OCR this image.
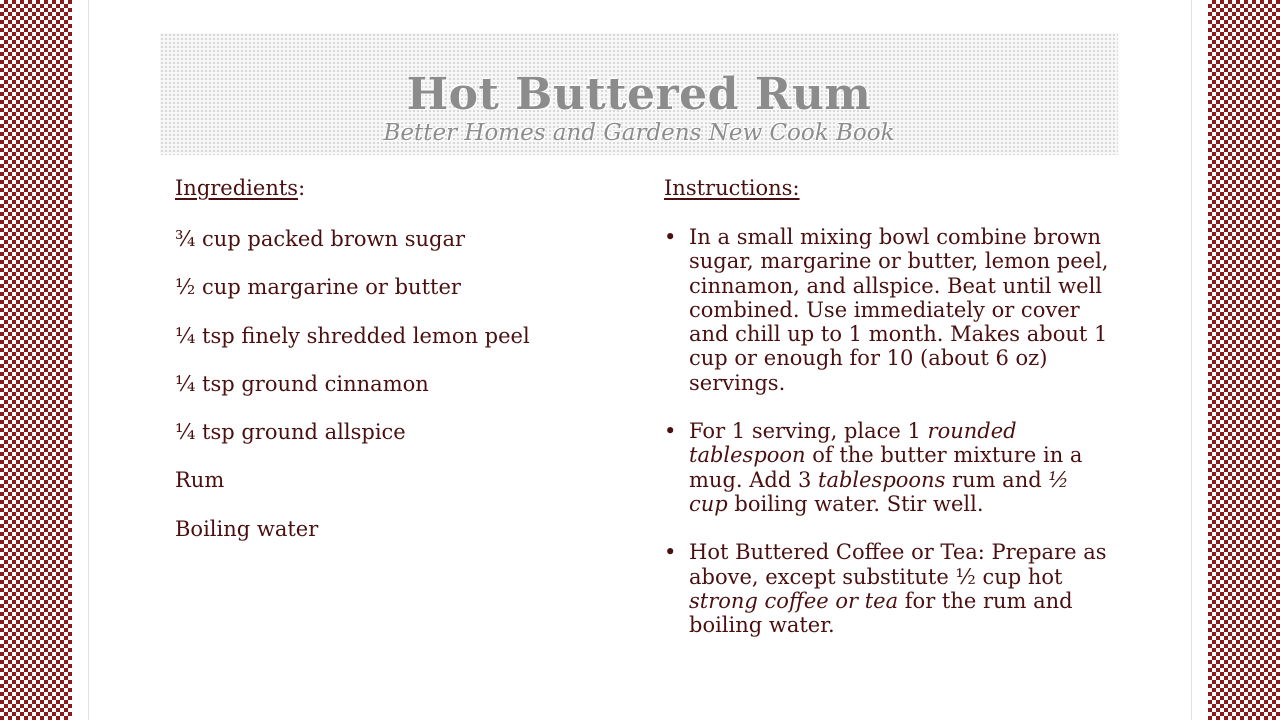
Hot Buttered Rum
Better Homes and Gardens New Cook Book
Ingredients:
¾ cup packed brown sugar
½ cup margarine or butter
¼ tsp finely shredded lemon peel
¼ tsp ground cinnamon
¼ tsp ground allspice
Rum
Boiling water
Instructions:
• In a small mixing bowl combine brown sugar, margarine or butter, lemon peel, cinnamon, and allspice. Beat until well combined. Use immediately or cover and chill up to 1 month. Makes about 1 cup or enough for 10 (about 6 oz) servings.
• For 1 serving, place 1 rounded tablespoon of the butter mixture in a mug. Add 3 tablespoons rum and ½ cup boiling water. Stir well.
• Hot Buttered Coffee or Tea: Prepare as above, except substitute ½ cup hot strong coffee or tea for the rum and boiling water.
